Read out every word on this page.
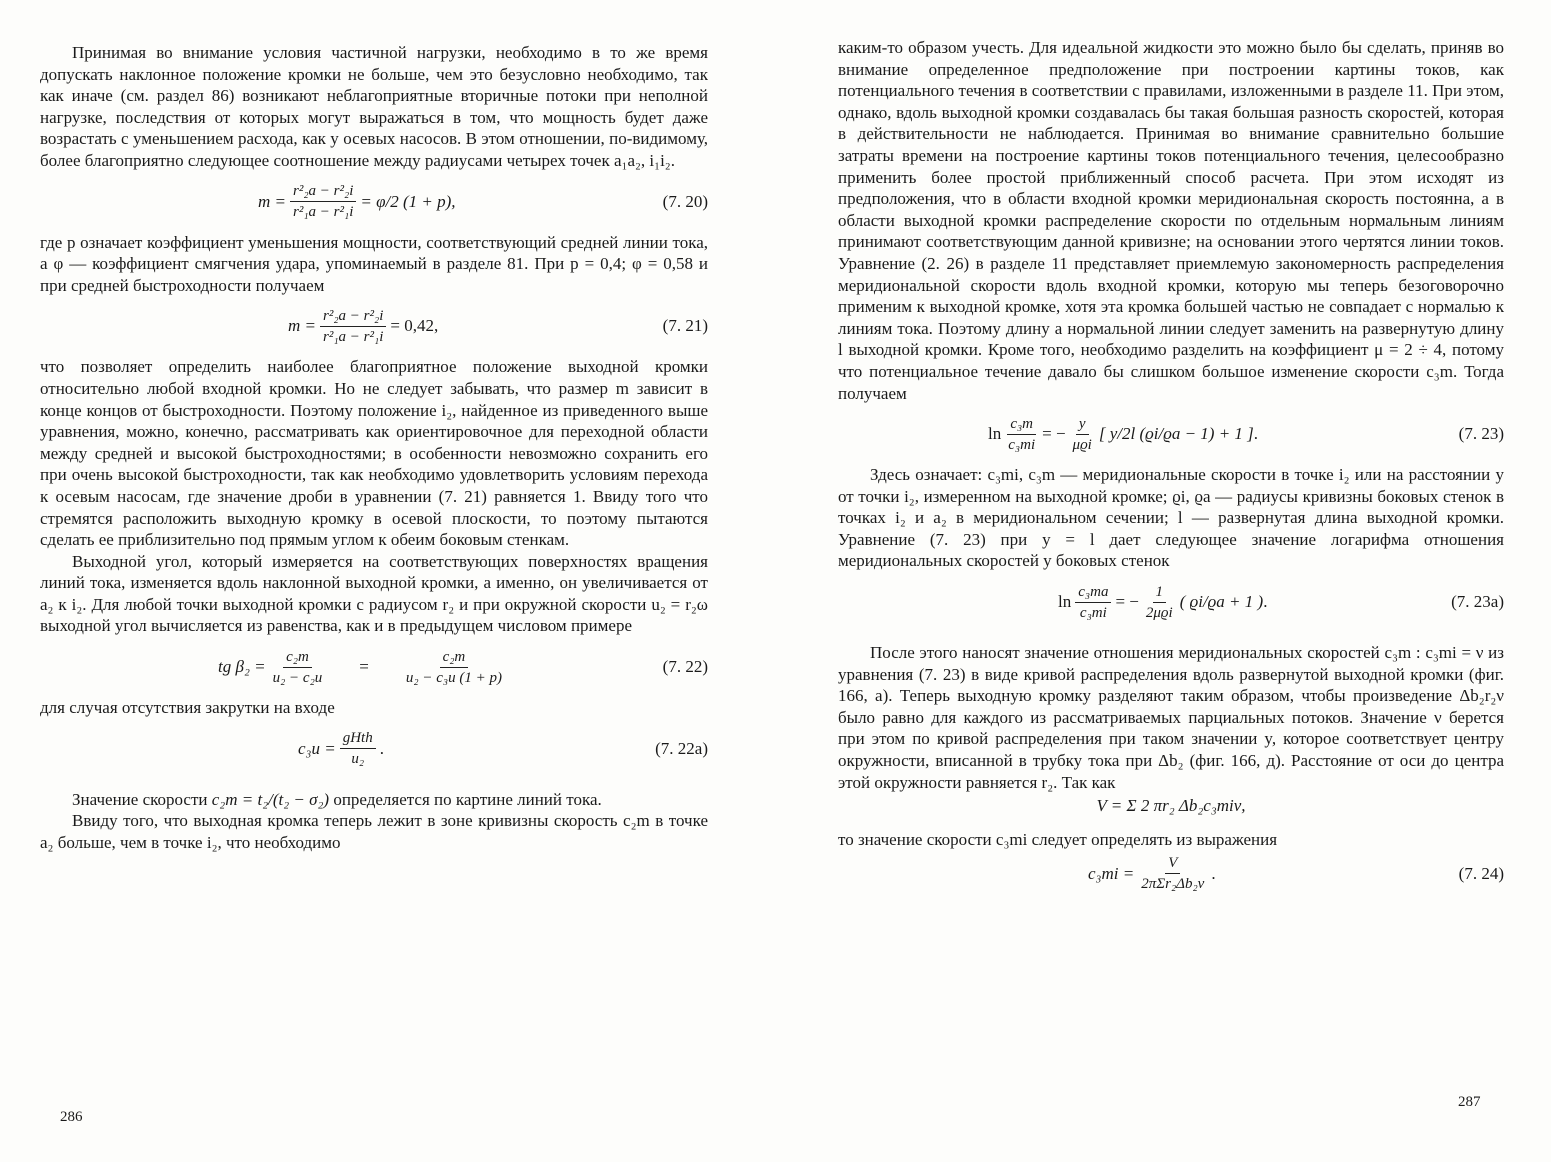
Принимая во внимание условия частичной нагрузки, необходимо в то же время допускать наклонное положение кромки не больше, чем это безусловно необходимо, так как иначе (см. раздел 86) возникают неблагоприятные вторичные потоки при неполной нагрузке, последствия от которых могут выражаться в том, что мощность будет даже возрастать с уменьшением расхода, как у осевых насосов. В этом отношении, по-видимому, более благоприятно следующее соотношение между радиусами четырех точек a₁a₂, i₁i₂.

$m = \frac{\text{r²₂a − r²₂i}}{\text{r²₁a − r²₁i}} = \varphi/2$ (1 + p),	(7. 20)

где p означает коэффициент уменьшения мощности, соответствующий средней линии тока, а φ — коэффициент смягчения удара, упоминаемый в разделе 81. При p = 0,4; φ = 0,58 и при средней быстроходности получаем

$m = \frac{\text{r²₂a − r²₂i}}{\text{r²₁a − r²₁i}} = 0,42$,	(7. 21)

что позволяет определить наиболее благоприятное положение выходной кромки относительно любой входной кромки. Но не следует забывать, что размер m зависит в конце концов от быстроходности. Поэтому положение i₂, найденное из приведенного выше уравнения, можно, конечно, рассматривать как ориентировочное для переходной области между средней и высокой быстроходностями; в особенности невозможно сохранить его при очень высокой быстроходности, так как необходимо удовлетворить условиям перехода к осевым насосам, где значение дроби в уравнении (7. 21) равняется 1. Ввиду того что стремятся расположить выходную кромку в осевой плоскости, то поэтому пытаются сделать ее приблизительно под прямым углом к обеим боковым стенкам.

Выходной угол, который измеряется на соответствующих поверхностях вращения линий тока, изменяется вдоль наклонной выходной кромки, а именно, он увеличивается от a₂ к i₂. Для любой точки выходной кромки с радиусом r₂ и при окружной скорости u₂ = r₂ω выходной угол вычисляется из равенства, как и в предыдущем числовом примере

tg $\beta_2 = \frac{\text{c₂m}}{\text{u₂ − c₂u}} = \frac{\text{c₂m}}{\text{u₂ − c₃u (1 + p)}}$	(7. 22)

для случая отсутствия закрутки на входе

$c_3u = \frac{\text{gHth}}{\text{u₂}}$ .	(7. 22a)

Значение скорости c₂m = t₂/(t₂ − σ₂) определяется по картине линий тока.

Ввиду того, что выходная кромка теперь лежит в зоне кривизны скорость c₂m в точке a₂ больше, чем в точке i₂, что необходимо

286

каким-то образом учесть. Для идеальной жидкости это можно было бы сделать, приняв во внимание определенное предположение при построении картины токов, как потенциального течения в соответствии с правилами, изложенными в разделе 11. При этом, однако, вдоль выходной кромки создавалась бы такая большая разность скоростей, которая в действительности не наблюдается. Принимая во внимание сравнительно большие затраты времени на построение картины токов потенциального течения, целесообразно применить более простой приближенный способ расчета. При этом исходят из предположения, что в области входной кромки меридиональная скорость постоянна, а в области выходной кромки распределение скорости по отдельным нормальным линиям принимают соответствующим данной кривизне; на основании этого чертятся линии токов. Уравнение (2. 26) в разделе 11 представляет приемлемую закономерность распределения меридиональной скорости вдоль входной кромки, которую мы теперь безоговорочно применим к выходной кромке, хотя эта кромка большей частью не совпадает с нормалью к линиям тока. Поэтому длину a нормальной линии следует заменить на развернутую длину l выходной кромки. Кроме того, необходимо разделить на коэффициент μ = 2 ÷ 4, потому что потенциальное течение давало бы слишком большое изменение скорости c₃m. Тогда получаем

$\ln \frac{\text{c₃m}}{\text{c₃mi}}$ = − $\frac{y}{\text{μϱi}}$ [ y/2l (ϱi/ϱa − 1) + 1 ] .	(7. 23)

Здесь означает: c₃mi, c₃m — меридиональные скорости в точке i₂ или на расстоянии y от точки i₂, измеренном на выходной кромке; ϱi, ϱa — радиусы кривизны боковых стенок в точках i₂ и a₂ в меридиональном сечении; l — развернутая длина выходной кромки. Уравнение (7. 23) при y = l дает следующее значение логарифма отношения меридиональных скоростей у боковых стенок

$\ln \frac{\text{c₃ma}}{\text{c₃mi}}$ = − $\frac{1}{\text{2μϱi}}$ ( ϱi/ϱa + 1 ) .	(7. 23a)

После этого наносят значение отношения меридиональных скоростей c₃m : c₃mi = ν из уравнения (7. 23) в виде кривой распределения вдоль развернутой выходной кромки (фиг. 166, a). Теперь выходную кромку разделяют таким образом, чтобы произведение Δb₂r₂ν было равно для каждого из рассматриваемых парциальных потоков. Значение ν берется при этом по кривой распределения при таком значении y, которое соответствует центру окружности, вписанной в трубку тока при Δb₂ (фиг. 166, д). Расстояние от оси до центра этой окружности равняется r₂. Так как

V = Σ 2 πr₂ Δb₂c₃miν,

то значение скорости c₃mi следует определять из выражения

$c_3mi = \frac{V}{\text{2πΣr₂Δb₂ν}}$ .	(7. 24)
287
